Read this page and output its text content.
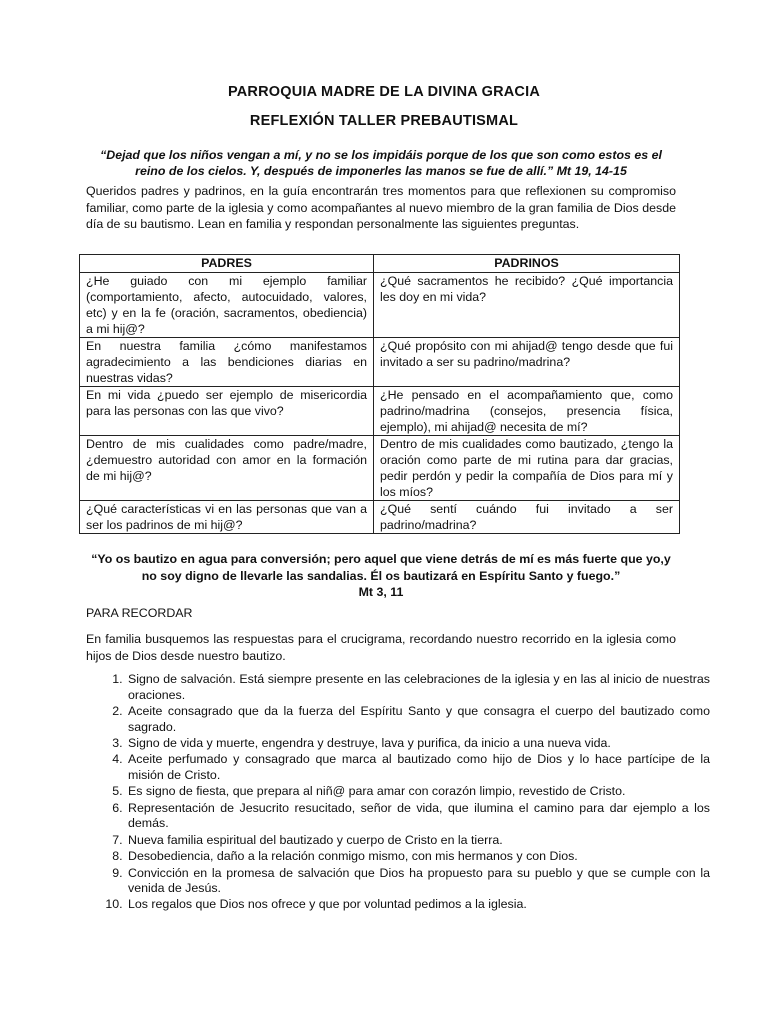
PARROQUIA MADRE DE LA DIVINA GRACIA
REFLEXIÓN TALLER PREBAUTISMAL
“Dejad que los niños vengan a mí, y no se los impidáis porque de los que son como estos es el reino de los cielos. Y, después de imponerles las manos se fue de allí.” Mt 19, 14-15
Queridos padres y padrinos, en la guía encontrarán tres momentos para que reflexionen su compromiso familiar, como parte de la iglesia y como acompañantes al nuevo miembro de la gran familia de Dios desde día de su bautismo. Lean en familia y respondan personalmente las siguientes preguntas.
PADRES	PADRINOS
¿He guiado con mi ejemplo familiar (comportamiento, afecto, autocuidado, valores, etc) y en la fe (oración, sacramentos, obediencia) a mi hij@?	¿Qué sacramentos he recibido? ¿Qué importancia les doy en mi vida?
En nuestra familia ¿cómo manifestamos agradecimiento a las bendiciones diarias en nuestras vidas?	¿Qué propósito con mi ahijad@ tengo desde que fui invitado a ser su padrino/madrina?
En mi vida ¿puedo ser ejemplo de misericordia para las personas con las que vivo?	¿He pensado en el acompañamiento que, como padrino/madrina (consejos, presencia física, ejemplo), mi ahijad@ necesita de mí?
Dentro de mis cualidades como padre/madre, ¿demuestro autoridad con amor en la formación de mi hij@?	Dentro de mis cualidades como bautizado, ¿tengo la oración como parte de mi rutina para dar gracias, pedir perdón y pedir la compañía de Dios para mí y los míos?
¿Qué características vi en las personas que van a ser los padrinos de mi hij@?	¿Qué sentí cuándo fui invitado a ser padrino/madrina?
“Yo os bautizo en agua para conversión; pero aquel que viene detrás de mí es más fuerte que yo,y no soy digno de llevarle las sandalias. Él os bautizará en Espíritu Santo y fuego.”
Mt 3, 11
PARA RECORDAR
En familia busquemos las respuestas para el crucigrama, recordando nuestro recorrido en la iglesia como hijos de Dios desde nuestro bautizo.
1. Signo de salvación. Está siempre presente en las celebraciones de la iglesia y en las al inicio de nuestras oraciones.
2. Aceite consagrado que da la fuerza del Espíritu Santo y que consagra el cuerpo del bautizado como sagrado.
3. Signo de vida y muerte, engendra y destruye, lava y purifica, da inicio a una nueva vida.
4. Aceite perfumado y consagrado que marca al bautizado como hijo de Dios y lo hace partícipe de la misión de Cristo.
5. Es signo de fiesta, que prepara al niñ@ para amar con corazón limpio, revestido de Cristo.
6. Representación de Jesucrito resucitado, señor de vida, que ilumina el camino para dar ejemplo a los demás.
7. Nueva familia espiritual del bautizado y cuerpo de Cristo en la tierra.
8. Desobediencia, daño a la relación conmigo mismo, con mis hermanos y con Dios.
9. Convicción en la promesa de salvación que Dios ha propuesto para su pueblo y que se cumple con la venida de Jesús.
10. Los regalos que Dios nos ofrece y que por voluntad pedimos a la iglesia.
